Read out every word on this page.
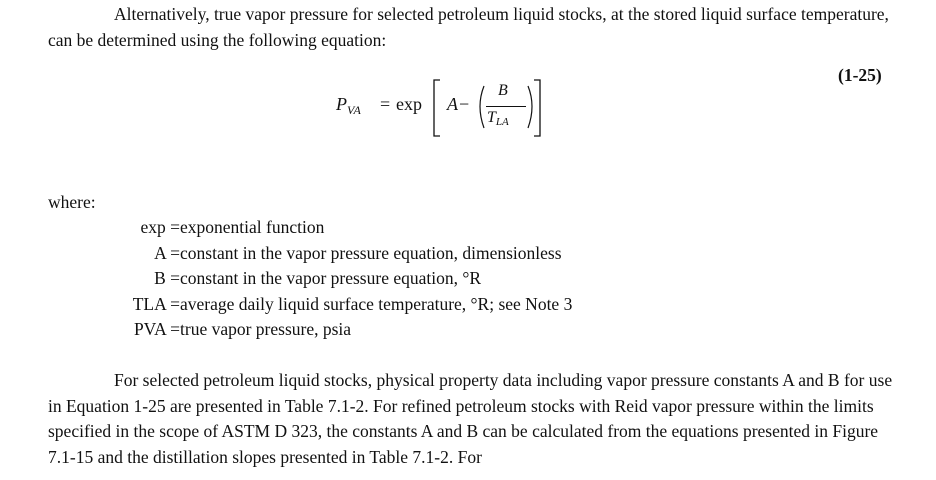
Alternatively, true vapor pressure for selected petroleum liquid stocks, at the stored liquid surface temperature, can be determined using the following equation:

(1-25)
$P_{VA} = \exp A$ −
B
$T_{LA}$
where:
exp = exponential function
A = constant in the vapor pressure equation, dimensionless
B = constant in the vapor pressure equation, °R
TLA = average daily liquid surface temperature, °R; see Note 3
PVA = true vapor pressure, psia

For selected petroleum liquid stocks, physical property data including vapor pressure constants A and B for use in Equation 1-25 are presented in Table 7.1-2. For refined petroleum stocks with Reid vapor pressure within the limits specified in the scope of ASTM D 323, the constants A and B can be calculated from the equations presented in Figure 7.1-15 and the distillation slopes presented in Table 7.1-2. For
